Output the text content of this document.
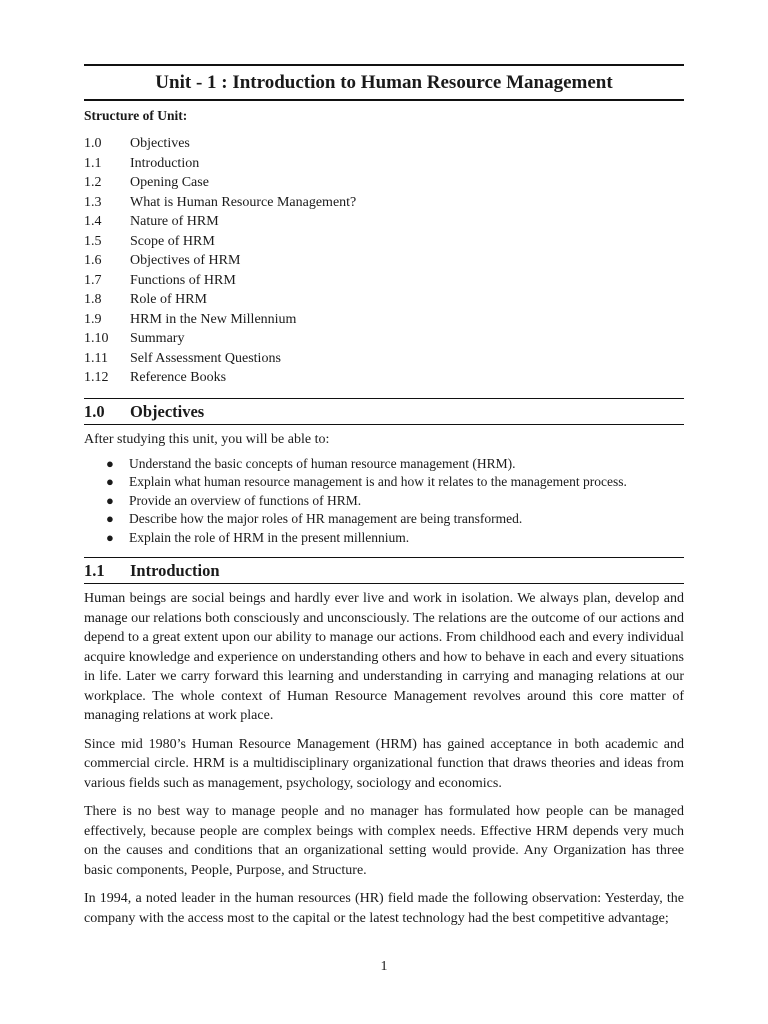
Unit - 1 : Introduction to Human Resource Management
Structure of Unit:
1.0	Objectives
1.1	Introduction
1.2	Opening Case
1.3	What is Human Resource Management?
1.4	Nature of HRM
1.5	Scope of HRM
1.6	Objectives of HRM
1.7	Functions of HRM
1.8	Role of HRM
1.9	HRM in the New Millennium
1.10	Summary
1.11	Self Assessment Questions
1.12	Reference Books
1.0	Objectives

After studying this unit, you will be able to:

●	Understand the basic concepts of human resource management (HRM).
●	Explain what human resource management is and how it relates to the management process.
●	Provide an overview of functions of HRM.
●	Describe how the major roles of HR management are being transformed.
●	Explain the role of HRM in the present millennium.
1.1	Introduction

Human beings are social beings and hardly ever live and work in isolation. We always plan, develop and manage our relations both consciously and unconsciously. The relations are the outcome of our actions and depend to a great extent upon our ability to manage our actions. From childhood each and every individual acquire knowledge and experience on understanding others and how to behave in each and every situations in life. Later we carry forward this learning and understanding in carrying and managing relations at our workplace. The whole context of Human Resource Management revolves around this core matter of managing relations at work place.

Since mid 1980’s Human Resource Management (HRM) has gained acceptance in both academic and commercial circle. HRM is a multidisciplinary organizational function that draws theories and ideas from various fields such as management, psychology, sociology and economics.

There is no best way to manage people and no manager has formulated how people can be managed effectively, because people are complex beings with complex needs. Effective HRM depends very much on the causes and conditions that an organizational setting would provide. Any Organization has three basic components, People, Purpose, and Structure.

In 1994, a noted leader in the human resources (HR) field made the following observation: Yesterday, the company with the access most to the capital or the latest technology had the best competitive advantage;

1
